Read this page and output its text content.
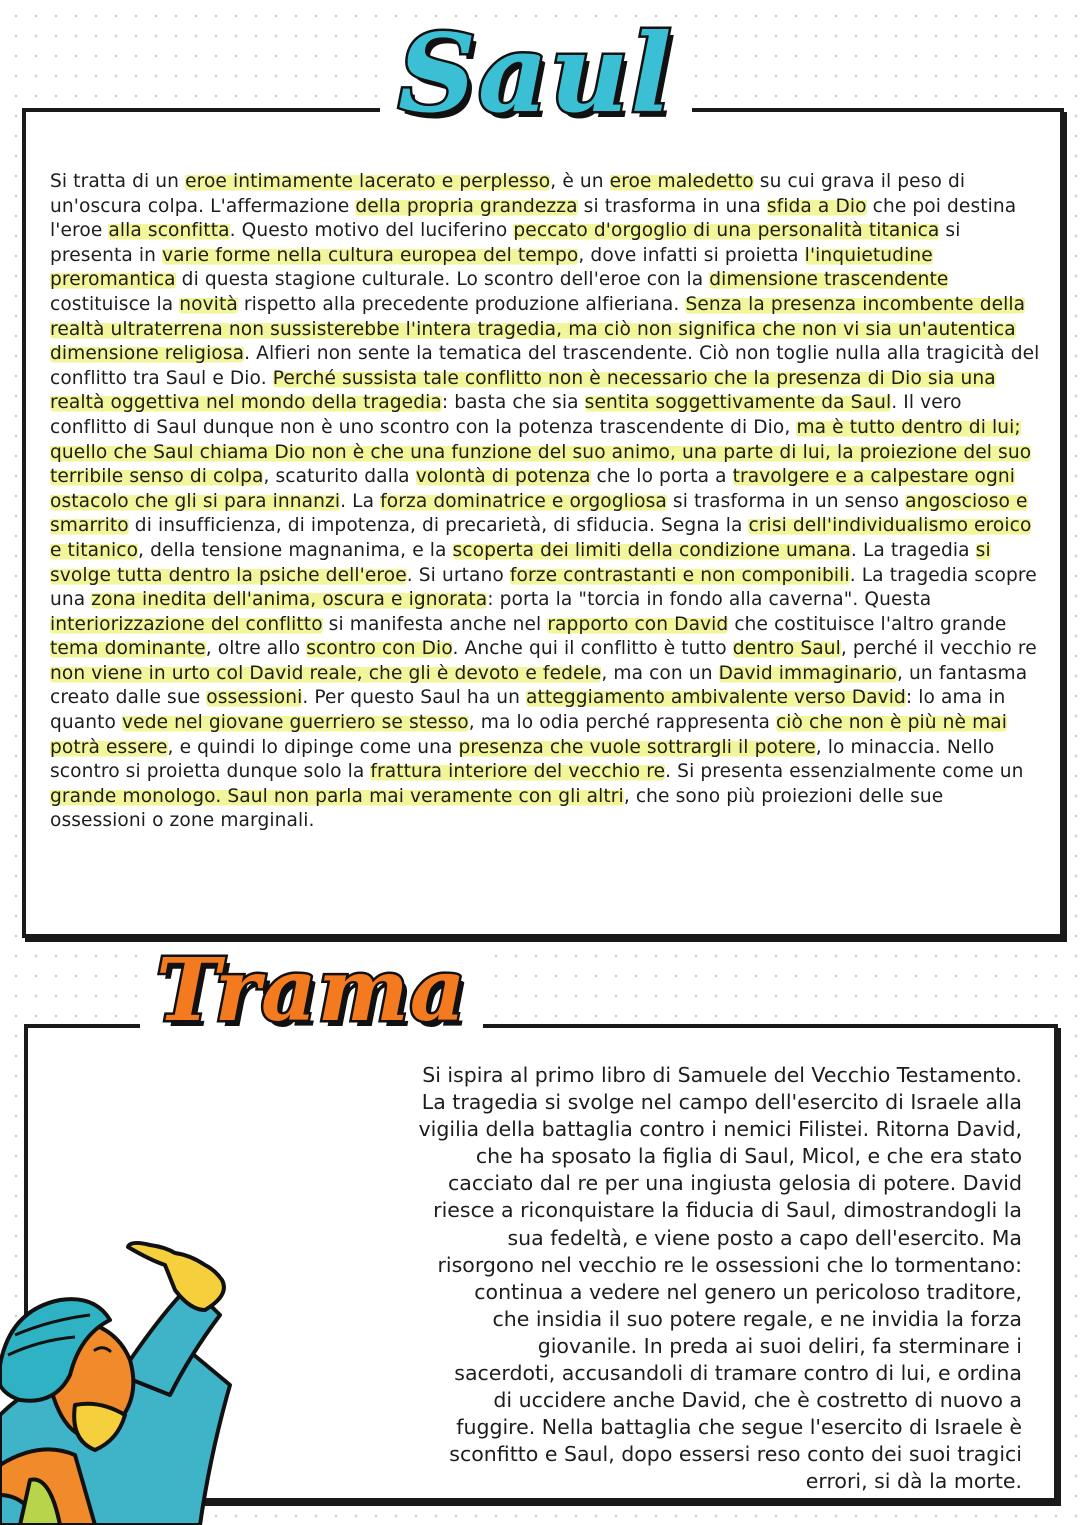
Saul

Si tratta di un eroe intimamente lacerato e perplesso, è un eroe maledetto su cui grava il peso di un'oscura colpa. L'affermazione della propria grandezza si trasforma in una sfida a Dio che poi destina l'eroe alla sconfitta. Questo motivo del luciferino peccato d'orgoglio di una personalità titanica si presenta in varie forme nella cultura europea del tempo, dove infatti si proietta l'inquietudine preromantica di questa stagione culturale. Lo scontro dell'eroe con la dimensione trascendente costituisce la novità rispetto alla precedente produzione alfieriana. Senza la presenza incombente della realtà ultraterrena non sussisterebbe l'intera tragedia, ma ciò non significa che non vi sia un'autentica dimensione religiosa. Alfieri non sente la tematica del trascendente. Ciò non toglie nulla alla tragicità del conflitto tra Saul e Dio. Perché sussista tale conflitto non è necessario che la presenza di Dio sia una realtà oggettiva nel mondo della tragedia: basta che sia sentita soggettivamente da Saul. Il vero conflitto di Saul dunque non è uno scontro con la potenza trascendente di Dio, ma è tutto dentro di lui; quello che Saul chiama Dio non è che una funzione del suo animo, una parte di lui, la proiezione del suo terribile senso di colpa, scaturito dalla volontà di potenza che lo porta a travolgere e a calpestare ogni ostacolo che gli si para innanzi. La forza dominatrice e orgogliosa si trasforma in un senso angoscioso e smarrito di insufficienza, di impotenza, di precarietà, di sfiducia. Segna la crisi dell'individualismo eroico e titanico, della tensione magnanima, e la scoperta dei limiti della condizione umana. La tragedia si svolge tutta dentro la psiche dell'eroe. Si urtano forze contrastanti e non componibili. La tragedia scopre una zona inedita dell'anima, oscura e ignorata: porta la "torcia in fondo alla caverna". Questa interiorizzazione del conflitto si manifesta anche nel rapporto con David che costituisce l'altro grande tema dominante, oltre allo scontro con Dio. Anche qui il conflitto è tutto dentro Saul, perché il vecchio re non viene in urto col David reale, che gli è devoto e fedele, ma con un David immaginario, un fantasma creato dalle sue ossessioni. Per questo Saul ha un atteggiamento ambivalente verso David: lo ama in quanto vede nel giovane guerriero se stesso, ma lo odia perché rappresenta ciò che non è più nè mai potrà essere, e quindi lo dipinge come una presenza che vuole sottrargli il potere, lo minaccia. Nello scontro si proietta dunque solo la frattura interiore del vecchio re. Si presenta essenzialmente come un grande monologo. Saul non parla mai veramente con gli altri, che sono più proiezioni delle sue ossessioni o zone marginali.

Trama

Si ispira al primo libro di Samuele del Vecchio Testamento.
La tragedia si svolge nel campo dell'esercito di Israele alla
vigilia della battaglia contro i nemici Filistei. Ritorna David,
che ha sposato la figlia di Saul, Micol, e che era stato
cacciato dal re per una ingiusta gelosia di potere. David
riesce a riconquistare la fiducia di Saul, dimostrandogli la
sua fedeltà, e viene posto a capo dell'esercito. Ma
risorgono nel vecchio re le ossessioni che lo tormentano:
continua a vedere nel genero un pericoloso traditore,
che insidia il suo potere regale, e ne invidia la forza
giovanile. In preda ai suoi deliri, fa sterminare i
sacerdoti, accusandoli di tramare contro di lui, e ordina
di uccidere anche David, che è costretto di nuovo a
fuggire. Nella battaglia che segue l'esercito di Israele è
sconfitto e Saul, dopo essersi reso conto dei suoi tragici
errori, si dà la morte.
